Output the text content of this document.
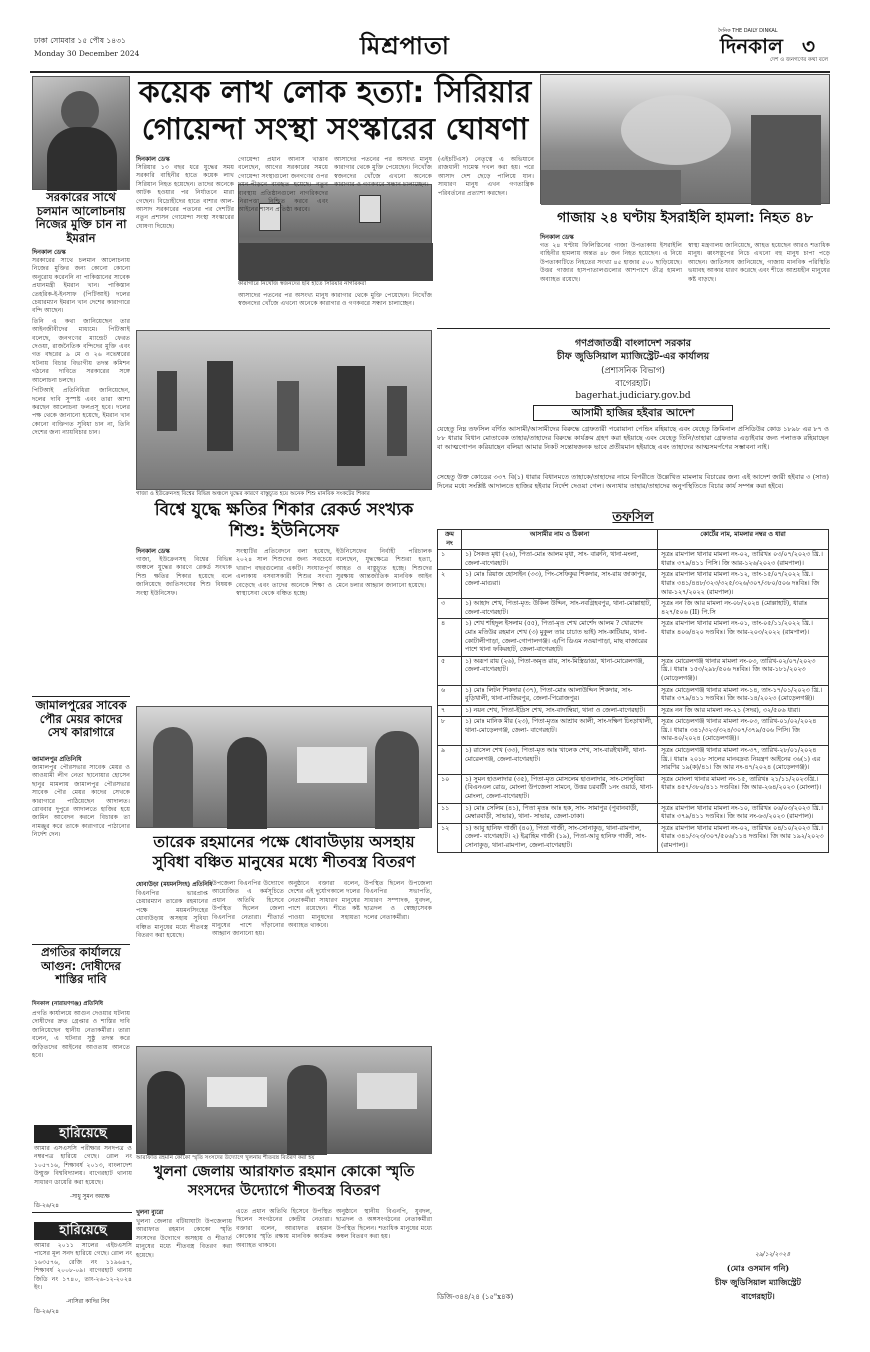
ঢাকা সোমবার ১৫ পৌষ ১৪৩১
Monday 30 December 2024	মিশ্রপাতা
দৈনিক THE DAILY DINKAL
দিনকাল ৩
দেশ ও জনগণের কথা বলে
সরকারের সাথে চলমান আলোচনায় নিজের মুক্তি চান না ইমরান
দিনকাল ডেস্ক

সরকারের সাথে চলমান আলোচনায় নিজের মুক্তির জন্য কোনো কোনো অনুরোধ করেননি না পাকিস্তানের সাবেক প্রধানমন্ত্রী ইমরান খান। পাকিস্তান তেহরিক-ই-ইনসাফ (পিটিআই) দলের চেয়ারম্যান ইমরান খান দেশের কারাগারে বন্দি আছেন।

তিনি এ কথা জানিয়েছেন তার আইনজীবীদের মাধ্যমে। পিটিআই বলেছে, জনগণের ম্যান্ডেট ফেরত দেওয়া, রাজনৈতিক বন্দিদের মুক্তি এবং গত বছরের ৯ মে ও ২৬ নভেম্বরের ঘটনায় বিচার বিভাগীয় তদন্ত কমিশন গঠনের দাবিতে সরকারের সঙ্গে আলোচনা চলছে।

পিটিআই প্রতিনিধিরা জানিয়েছেন, দলের দাবি সুস্পষ্ট এবং তারা আশা করছেন আলোচনা ফলপ্রসূ হবে। দলের পক্ষ থেকে জানানো হয়েছে, ইমরান খান কোনো ব্যক্তিগত সুবিধা চান না, তিনি দেশের জন্য ন্যায়বিচার চান।

কয়েক লাখ লোক হত্যা: সিরিয়ার গোয়েন্দা সংস্থা সংস্কারের ঘোষণা
দিনকাল ডেস্ক
সিরিয়ার ১৩ বছর ধরে যুদ্ধের সময় সরকারি বাহিনীর হাতে কয়েক লাখ সিরিয়ান নিহত হয়েছেন। তাদের অনেকে আটক হওয়ার পর নির্যাতনে মারা গেছেন। বিদ্রোহীদের হাতে বাশার আল-আসাদ সরকারের পতনের পর দেশটির নতুন প্রশাসন গোয়েন্দা সংস্থা সংস্কারের ঘোষণা দিয়েছে।
কারাগারে নিখোঁজ স্বজনদের ছবি হাতে সিরিয়ার নাগরিকরা
গোয়েন্দা প্রধান আনাস খাত্তাব বলেছেন, আগের সরকারের সময়ে গোয়েন্দা সংস্থাগুলো জনগণের ওপর দমন-পীড়নে ব্যবহৃত হয়েছে। নতুন ব্যবস্থায় প্রতিষ্ঠানগুলো নাগরিকদের নিরাপত্তা নিশ্চিত করবে এবং আইনের শাসন প্রতিষ্ঠা করবে।
আসাদের পতনের পর অসংখ্য মানুষ কারাগার থেকে মুক্তি পেয়েছেন। নিখোঁজ স্বজনদের খোঁজে এখনো অনেকে কারাগার ও গণকবরে সন্ধান চালাচ্ছেন।
(এইচটিএস) নেতৃত্বে এ অভিযানে রাজধানী দামেস্ক দখল করা হয়। পরে আসাদ দেশ ছেড়ে পালিয়ে যান। সাধারণ মানুষ এখন গণতান্ত্রিক পরিবর্তনের প্রত্যাশা করছেন।
আসাদের পতনের পর অসংখ্য মানুষ কারাগার থেকে মুক্তি পেয়েছেন। নিখোঁজ স্বজনদের খোঁজে এখনো অনেকে কারাগার ও গণকবরে সন্ধান চালাচ্ছেন।
গাজায় ২৪ ঘণ্টায় ইসরাইলি হামলা: নিহত ৪৮
দিনকাল ডেস্ক
গত ২৪ ঘণ্টায় ফিলিস্তিনের গাজা উপত্যকায় ইসরাইলি বাহিনীর হামলায় অন্তত ৪৮ জন নিহত হয়েছেন। এ নিয়ে উপত্যকাটিতে নিহতের সংখ্যা ৪৫ হাজার ৫০০ ছাড়িয়েছে। উত্তর গাজার হাসপাতালগুলোর আশপাশে তীব্র হামলা অব্যাহত রয়েছে।
স্বাস্থ্য মন্ত্রণালয় জানিয়েছে, আহত হয়েছেন আরও শতাধিক মানুষ। ধ্বংসস্তূপের নিচে এখনো বহু মানুষ চাপা পড়ে আছেন। জাতিসংঘ জানিয়েছে, গাজায় মানবিক পরিস্থিতি ভয়াবহ আকার ধারণ করেছে এবং শীতে আশ্রয়হীন মানুষের কষ্ট বাড়ছে।
গাজা ও ইউক্রেনসহ বিশ্বের বিভিন্ন অঞ্চলে যুদ্ধের কারণে বাস্তুচ্যুত হয়ে অনেক শিশু মানবিক সংকটের শিকার
বিশ্বে যুদ্ধে ক্ষতির শিকার রেকর্ড সংখ্যক শিশু: ইউনিসেফ
দিনকাল ডেস্ক
গাজা, ইউক্রেনসহ বিশ্বের বিভিন্ন অঞ্চলে যুদ্ধের কারণে রেকর্ড সংখ্যক শিশু ক্ষতির শিকার হয়েছে বলে জানিয়েছে জাতিসংঘের শিশু বিষয়ক সংস্থা ইউনিসেফ।
সংস্থাটির প্রতিবেদনে বলা হয়েছে, ২০২৪ সাল শিশুদের জন্য সবচেয়ে খারাপ বছরগুলোর একটি। সংঘাতপূর্ণ এলাকায় বসবাসকারী শিশুর সংখ্যা বেড়েছে এবং তাদের অনেকে শিক্ষা ও স্বাস্থ্যসেবা থেকে বঞ্চিত হচ্ছে।
ইউনিসেফের নির্বাহী পরিচালক বলেছেন, যুদ্ধক্ষেত্রে শিশুরা হত্যা, আহত ও বাস্তুচ্যুত হচ্ছে। শিশুদের সুরক্ষায় আন্তর্জাতিক মানবিক আইন মেনে চলার আহ্বান জানানো হয়েছে।
জামালপুরের সাবেক পৌর মেয়র কাদের সেখ কারাগারে
জামালপুর প্রতিনিধি
জামালপুর পৌরসভার সাবেক মেয়র ও আওয়ামী লীগ নেতা ছানোয়ার হোসেন ছানুর মামলায় জামালপুর পৌরসভার সাবেক পৌর মেয়র কাদের সেখকে কারাগারে পাঠিয়েছেন আদালত। রোববার দুপুরে আদালতে হাজির হয়ে জামিন আবেদন করলে বিচারক তা নামঞ্জুর করে তাকে কারাগারে পাঠানোর নির্দেশ দেন।
প্রগতির কার্যালয়ে আগুন: দোষীদের শাস্তির দাবি
দিনকাল (নারায়ণগঞ্জ) প্রতিনিধি
প্রগতি কার্যালয়ে আগুন দেওয়ার ঘটনায় দোষীদের দ্রুত গ্রেপ্তার ও শাস্তির দাবি জানিয়েছেন স্থানীয় নেতাকর্মীরা। তারা বলেন, এ ঘটনার সুষ্ঠু তদন্ত করে জড়িতদের আইনের আওতায় আনতে হবে।
হারিয়েছে
আমার এসএসসি পরীক্ষার সনদপত্র ও নম্বরপত্র হারিয়ে গেছে। রোল নং ১০৫৭১৬, শিক্ষাবর্ষ ২০১৩, বাংলাদেশ উন্মুক্ত বিশ্ববিদ্যালয়। বাগেরহাট থানায় সাধারণ ডায়েরি করা হয়েছে।
-সাধু সুমন অধ্যক্ষ
ডি-২৬/২৪
হারিয়েছে
আমার ২০১১ সালের এইচএসসি পাসের মূল সনদ হারিয়ে গেছে। রোল নং ১৬৩৫৭৬, রেজি নং ১১৯৬৪৭, শিক্ষাবর্ষ ২০০৮-০৯। বাগেরহাট থানায় জিডি নং ১৭৪০, তাং-২৬-১২-২০২৪ ইং।
-নাসিরা কাদির সিব
ডি-২৬/২৪
তারেক রহমানের পক্ষে ধোবাউড়ায় অসহায় সুবিধা বঞ্চিত মানুষের মধ্যে শীতবস্ত্র বিতরণ
ধোবাউড়া (ময়মনসিংহ) প্রতিনিধি
বিএনপির ভারপ্রাপ্ত চেয়ারম্যান তারেক রহমানের পক্ষে ময়মনসিংহের ধোবাউড়ায় অসহায় সুবিধা বঞ্চিত মানুষের মধ্যে শীতবস্ত্র বিতরণ করা হয়েছে।
উপজেলা বিএনপির উদ্যোগে আয়োজিত এ কর্মসূচিতে প্রধান অতিথি হিসেবে উপস্থিত ছিলেন জেলা বিএনপির নেতারা। শীতার্ত মানুষের পাশে দাঁড়ানোর আহ্বান জানানো হয়।
অনুষ্ঠানে বক্তারা বলেন, দেশের এই দুর্যোগকালে দলের নেতাকর্মীরা সাধারণ মানুষের পাশে রয়েছেন। শীতে কষ্ট পাওয়া মানুষদের সহায়তা অব্যাহত থাকবে।
উপস্থিত ছিলেন উপজেলা বিএনপির সভাপতি, সাধারণ সম্পাদক, যুবদল, ছাত্রদল ও স্বেচ্ছাসেবক দলের নেতাকর্মীরা।
আরাফাত রহমান কোকো স্মৃতি সংসদের উদ্যোগে খুলনায় শীতবস্ত্র বিতরণ করা হয়
খুলনা জেলায় আরাফাত রহমান কোকো স্মৃতি সংসদের উদ্যোগে শীতবস্ত্র বিতরণ
খুলনা ব্যুরো
খুলনা জেলার বটিয়াঘাটা উপজেলায় আরাফাত রহমান কোকো স্মৃতি সংসদের উদ্যোগে অসহায় ও শীতার্ত মানুষের মধ্যে শীতবস্ত্র বিতরণ করা হয়েছে।
এতে প্রধান অতিথি হিসেবে উপস্থিত ছিলেন সংগঠনের কেন্দ্রীয় নেতারা। বক্তারা বলেন, আরাফাত রহমান কোকোর স্মৃতি রক্ষায় মানবিক কার্যক্রম অব্যাহত থাকবে।
অনুষ্ঠানে স্থানীয় বিএনপি, যুবদল, ছাত্রদল ও অঙ্গসংগঠনের নেতাকর্মীরা উপস্থিত ছিলেন। শতাধিক মানুষের মধ্যে কম্বল বিতরণ করা হয়।
গণপ্রজাতন্ত্রী বাংলাদেশ সরকার
চীফ জুডিসিয়াল ম্যাজিস্ট্রেট-এর কার্যালয়
(প্রশাসনিক বিভাগ)
বাগেরহাট।
bagerhat.judiciary.gov.bd
আসামী হাজির হইবার আদেশ
যেহেতু নিম্ন তফসিল বর্ণিত আসামী/আসামীদের বিরুদ্ধে গ্রেফতারী পরোয়ানা পেন্ডিং রহিয়াছে এবং যেহেতু ক্রিমিনাল প্রসিডিউর কোড ১৮৯৮ এর ৮৭ ও ৮৮ ধারার বিধান মোতাবেক তাহার/তাহাদের বিরুদ্ধে কার্যক্রম গ্রহণ করা হইয়াছে এবং যেহেতু তিনি/তাহারা গ্রেফতার এড়াইবার জন্য পলাতক রহিয়াছেন বা আত্মগোপন করিয়াছেন বলিয়া আমার নিকট সন্তোষজনক ভাবে প্রতীয়মান হইয়াছে এবং তাহাদের আত্মসমর্পণের সম্ভাবনা নাই।
সেহেতু উক্ত কোডের ৩৩৭ বি(১) ধারার বিধানমতে তাহাকে/তাহাদের নামে বিপরীতে উল্লেখিত মামলায় বিচারের জন্য এই আদেশ জারী হইবার ৩ (সাত) দিনের মধ্যে সংশ্লিষ্ট আদালতে হাজির হইবার নির্দেশ দেওয়া গেল। অন্যথায় তাহার/তাহাদের অনুপস্থিতিতে বিচার কার্য সম্পন্ন করা হইবে।
তফসিল
ক্রম নং	আসামীর নাম ও ঠিকানা	কোর্টের নাম, মামলার নম্বর ও ধারা
১	১) সৈকত মৃধা (২৬), পিতা-মোঃ আলম মৃধা, সাং- বারুনি, থানা-মংলা, জেলা-বাগেরহাট।	সূত্রঃ রামপাল থানার মামলা নং-০২, তারিখঃ ০৩/০৭/২০২৩ খ্রি.। ধারাঃ ৩৭৯/৪১১ পিসি। জি আর-১২৬/২০২৩ (রামপাল)।
২	১) মোঃ রিয়াজ হোসাইন (৩৩), পিং-সেফিকুর শিকদার, সাং-রায় জাকাপুর, জেলা-মাগুরা।	সূত্রঃ রামপাল থানার মামলা নং-১২, তাং-১৫/০৭/২০২২ খ্রি.। ধারাঃ ৩৪১/৪৪৮/৩২৩/৩২৫/৩২৬/৩০৭/৩৮০/৫০৬ দঃবিঃ। জি আর-১২৭/২০২২ (রামপাল)।
৩	১) আহাদ শেখ, পিতা-মৃত: উকিল উদ্দিন, সাং-নবগ্রিহবপুর, থানা-মোল্লাহাট, জেলা-বাগেরহাট।	সূত্রঃ নন জি আর মামলা নং-০৮/২০২৪ (মোল্লাহাট), ধারাঃ ৪২৭/৫০৬ (II) পি.সি
৪	১) শেখ শহিদুল ইসলাম (৫৫), পিতা-মৃত শেখ মোর্শেদ আলম ? খোরশেদ মোঃ মতিউর রহমান শেখ (৩) মুকুল তার চাচাত ভাই) সাং-কাটিয়াম, থানা-কোটালীপাড়া, জেলা-গোপালগঞ্জ। এ/পি ডিএম নওয়াপাড়া, মাছ বাজারের পাশে থানা ফকিরহাট, জেলা-বাগেরহাট।	সূত্রঃ রামপাল থানার মামলা নং-০১, তাং-০৫/১১/২০২২ খ্রি.। ধারাঃ ৪০৬/৪২০ দণ্ডবিঃ। জি আর-২০৩/২০২২ (রামপাল)।
৫	১) অরূপ রায় (২৬), পিতা-অমৃত রায়, সাং-মিস্ত্রিডাঙা, থানা-মোরেলগঞ্জ, জেলা-বাগেরহাট।	সূত্রঃ মোরেলগঞ্জ থানার মামলা নং-০৩, তারিখ-০২/০৭/২০২৩ খ্রি.। ধারাঃ ১৫৩/২৯৮/৫০৬ দঃবিঃ। জি আর-১৮১/২০২৩ (মোড়েলগঞ্জ)।
৬	১) মোঃ লিটন শিকদার (৩৭), পিতা-মোঃ আলাউদ্দিন শিকদার, সাং-বুড়িখালী, থানা-নাজিরপুর, জেলা-পিরোজপুর।	সূত্রঃ মোড়েলগঞ্জ থানার মামলা নং-১৪, তাং-১৭/০১/২০২৩ খ্রি.। ধারাঃ ৩৭৯/৪১১ দণ্ডবিঃ। জি আর-১৪/২০২৩ (মোড়েলগঞ্জ)।
৭	১) নয়ন শেখ, পিতা-ইদ্রিস শেখ, সাং-বাদাম্বিয়া, থানা ও জেলা-বাগেরহাট।	সূত্রঃ নন জি আর মামলা নং-২১ (সদর), ৩২/৫০৬ ধারা।
৮	১) মোঃ মানিক মীর (২৩), পিতা-মৃতঃ আশ্রাব আলী, সাং-দক্ষিণ চিংড়াখালী, থানা-মোড়েলগঞ্জ, জেলা- বাগেরহাট।	সূত্রঃ মোড়েলগঞ্জ থানার মামলা নং-০৩, তারিখ-০১/০২/২০২৪ খ্রি.। ধারাঃ ৩৪১/৩২৩/৩২৪/৩০৭/৩৭৯/৫০৬ পিসি। জি আর-৪০/২০২৪ (মোড়েলগঞ্জ)।
৯	১) রাসেল শেখ (৩৩), পিতা-মৃত আঃ খালেক শেখ, সাং-বারইখালী, থানা-মোরেলগঞ্জ, জেলা-বাগেরহাট।	সূত্রঃ মোড়েলগঞ্জ থানার মামলা নং-৩৭, তারিখ-২৮/০১/২০২৪ খ্রি.। ধারাঃ ২০১৮ সালের মানবদ্রব্য নিয়ন্ত্রণ আইনের ৩৬(১) এর সারণির ১৯(ক)/৪১। জি আর নং-৪৭/২০২৪ (মোড়েলগঞ্জ)।
১০	১) সুমন হাওলাদার (৩৫), পিতা-মৃত মোসলেম হাওলাদার, সাং-সোলুবিয়া (বিএনএল রোড, মোংলা উপজেলা সামনে, উত্তর চরবার্টী ১নং ওয়ার্ড, থানা-মোংলা, জেলা-বাগেরহাট।	সূত্রঃ মোংলা থানার মামলা নং-১৫, তারিখঃ ২১/১১/২০২৩খ্রি.। ধারাঃ ৪৫৭/৩৮০/৪১১ দণ্ডবিঃ। জি আর-২৬৪/২০২৩ (মোংলা)।
১১	১) মোঃ সেলিম (৪১), পিতা মৃতঃ আঃ হক, সাং- সামাপুর (পুবানবাড়ী, মেম্বারবাড়ী, সাভার), থানা- সাভার, জেলা-ঢাকা।	সূত্রঃ রামপাল থানার মামলা নং-১০, তারিখঃ ০৬/০৩/২০২৩ খ্রি.। ধারাঃ ৩৭৯/৪১১ দণ্ডবিঃ। জি আর নং-৬৩/২০২৩ (রামপাল)।
১২	১) আবু হানিফ গাজী (৪০), পিতা গাজী, সাং-সোনাকুড়, থানা-রামপাল, জেলা- বাগেরহাট। ২) ইব্রাহিম গাজী (১৯), পিতা-আবু হানিফ গাজী, সাং-সোনাকুড়, থানা-রামপাল, জেলা-বাগেরহাট।	সূত্রঃ রামপাল থানার মামলা নং-০২, তারিখঃ ০৪/১০/২০২৩ খ্রি.। ধারাঃ ৩৪১/৩২৩/৩০৭/৫০৬/১১৪ দণ্ডবিঃ। জি আর ১৯২/২০২৩ (রামপাল)।
২৯/১২/২০২৪
(মোঃ ওসমান গনি)
চীফ জুডিসিয়াল ম্যাজিস্ট্রেট
বাগেরহাট।
ডিজি-৩৪৪/২৪ (১৫"x৪ক)
